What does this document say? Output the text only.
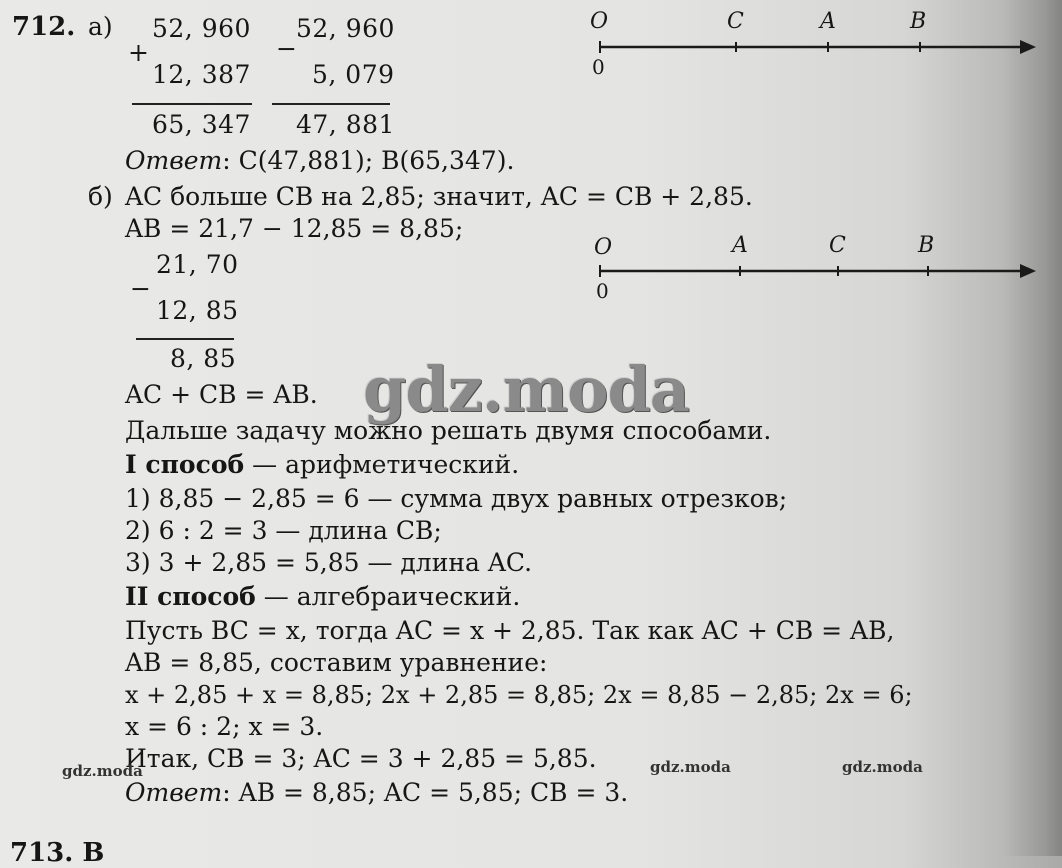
712. а)
+
52, 960
12, 387
65, 347
−
52, 960
5, 079
47, 881
Ответ: C(47,881); B(65,347).
O
0
C	A	B
б) AC больше CB на 2,85; значит, AC = CB + 2,85.
AB = 21,7 − 12,85 = 8,85;
−
21, 70
12, 85
8, 85
O
0
A	C	B
AC + CB = AB. gdz.moda
Дальше задачу можно решать двумя способами.
I способ — арифметический.
1) 8,85 − 2,85 = 6 — сумма двух равных отрезков;
2) 6 : 2 = 3 — длина CB;
3) 3 + 2,85 = 5,85 — длина AC.
II способ — алгебраический.
Пусть BC = x, тогда AC = x + 2,85. Так как AC + CB = AB,
AB = 8,85, составим уравнение:
x + 2,85 + x = 8,85; 2x + 2,85 = 8,85; 2x = 8,85 − 2,85; 2x = 6;
x = 6 : 2; x = 3.
Итак, CB = 3; AC = 3 + 2,85 = 5,85.
gdz.moda	gdz.moda	gdz.moda
Ответ: AB = 8,85; AC = 5,85; CB = 3.
713. В
